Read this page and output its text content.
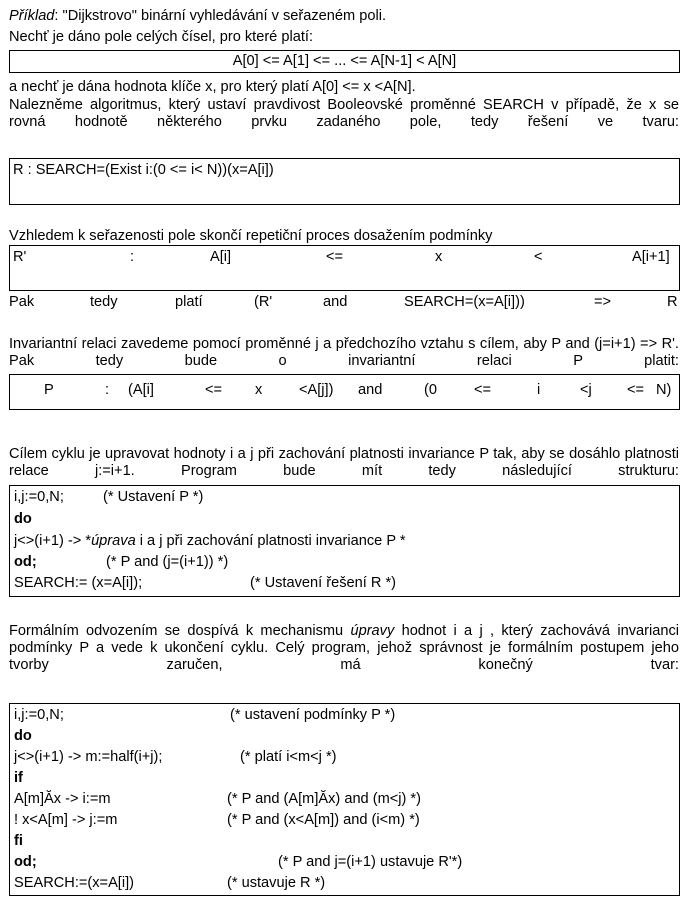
Příklad: "Dijkstrovo" binární vyhledávání v seřazeném poli.
Nechť je dáno pole celých čísel, pro které platí:
A[0] <= A[1] <= ... <= A[N-1] < A[N]
a nechť je dána hodnota klíče x, pro který platí A[0] <= x <A[N].
Nalezněme algoritmus, který ustaví pravdivost Booleovské proměnné SEARCH v případě, že x se rovná hodnotě některého prvku zadaného pole, tedy řešení ve tvaru:
R : SEARCH=(Exist i:(0 <= i< N))(x=A[i])
Vzhledem k seřazenosti pole skončí repetiční proces dosažením podmínky
R'	:	A[i]	<=	x	<	A[i+1]
Pak	tedy	platí	(R'	and	SEARCH=(x=A[i]))	=>	R
Invariantní relaci zavedeme pomocí proměnné j a předchozího vztahu s cílem, aby P and (j=i+1) => R'. Pak tedy bude o invariantní relaci P platit:
P	: (A[i]	<= x	<A[j]) and	(0	<=	i	<j <= N)
Cílem cyklu je upravovat hodnoty i a j při zachování platnosti invariance P tak, aby se dosáhlo platnosti relace j:=i+1. Program bude mít tedy následující strukturu:
i,j:=0,N;	(* Ustavení P *)
do
j<>(i+1) -> *úprava i a j při zachování platnosti invariance P *
od;	(* P and (j=(i+1)) *)
SEARCH:= (x=A[i]);	(* Ustavení řešení R *)
Formálním odvozením se dospívá k mechanismu úpravy hodnot i a j , který zachovává invarianci podmínky P a vede k ukončení cyklu. Celý program, jehož správnost je formálním postupem jeho tvorby zaručen, má konečný tvar:
i,j:=0,N;	(* ustavení podmínky P *)
do
j<>(i+1) -> m:=half(i+j);	(* platí i<m<j *)
if
A[m]Ăx -> i:=m	(* P and (A[m]Ăx) and (m<j) *)
! x<A[m] -> j:=m	(* P and (x<A[m]) and (i<m) *)
fi
od;	(* P and j=(i+1) ustavuje R'*)
SEARCH:=(x=A[i])	(* ustavuje R *)
